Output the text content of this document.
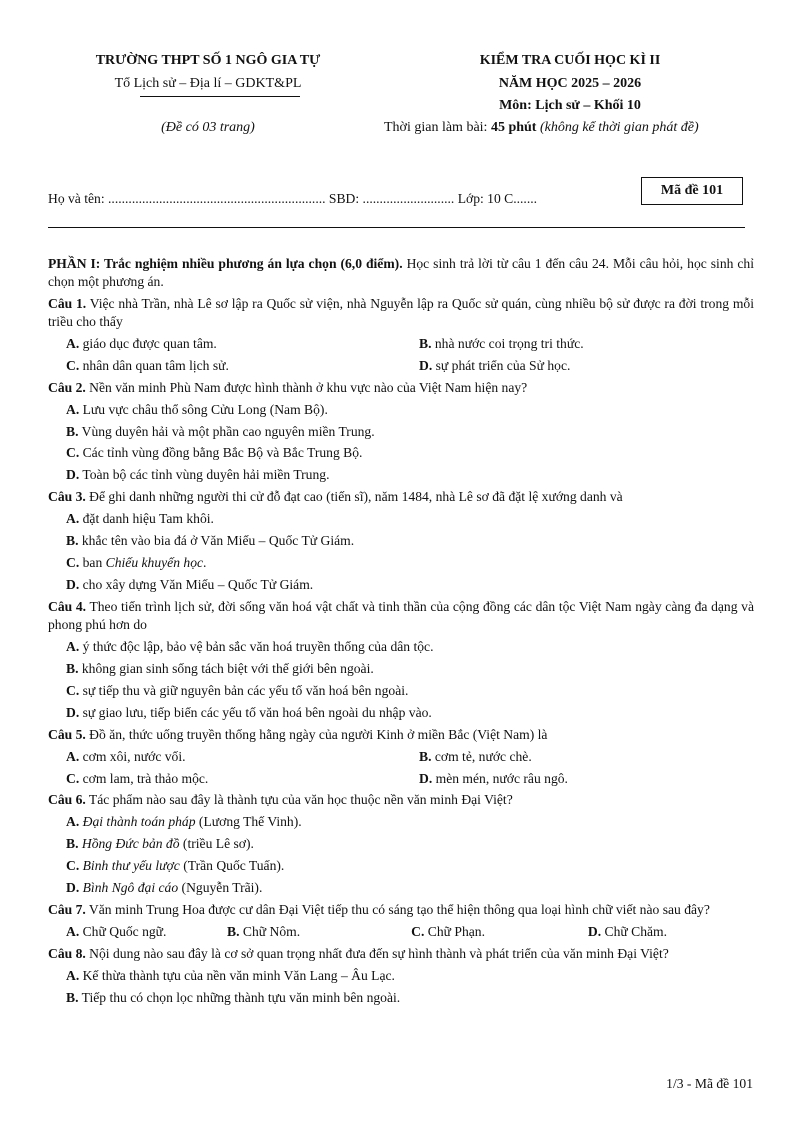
TRƯỜNG THPT SỐ 1 NGÔ GIA TỰ
Tổ Lịch sử – Địa lí – GDKT&PL
(Đề có 03 trang)
KIỂM TRA CUỐI HỌC KÌ II
NĂM HỌC 2025 – 2026
Môn: Lịch sử – Khối 10
Thời gian làm bài: 45 phút (không kể thời gian phát đề)
Họ và tên: ................................................................ SBD: ........................... Lớp: 10 C.......
Mã đề 101

PHẦN I: Trắc nghiệm nhiều phương án lựa chọn (6,0 điểm). Học sinh trả lời từ câu 1 đến câu 24. Mỗi câu hỏi, học sinh chỉ chọn một phương án.

Câu 1. Việc nhà Trần, nhà Lê sơ lập ra Quốc sử viện, nhà Nguyễn lập ra Quốc sử quán, cùng nhiều bộ sử được ra đời trong mỗi triều cho thấy

A. giáo dục được quan tâm.	B. nhà nước coi trọng tri thức.
C. nhân dân quan tâm lịch sử.	D. sự phát triển của Sử học.

Câu 2. Nền văn minh Phù Nam được hình thành ở khu vực nào của Việt Nam hiện nay?

A. Lưu vực châu thổ sông Cửu Long (Nam Bộ).
B. Vùng duyên hải và một phần cao nguyên miền Trung.
C. Các tỉnh vùng đồng bằng Bắc Bộ và Bắc Trung Bộ.
D. Toàn bộ các tỉnh vùng duyên hải miền Trung.

Câu 3. Để ghi danh những người thi cử đỗ đạt cao (tiến sĩ), năm 1484, nhà Lê sơ đã đặt lệ xướng danh và

A. đặt danh hiệu Tam khôi.
B. khắc tên vào bia đá ở Văn Miếu – Quốc Tử Giám.
C. ban Chiếu khuyến học.
D. cho xây dựng Văn Miếu – Quốc Tử Giám.

Câu 4. Theo tiến trình lịch sử, đời sống văn hoá vật chất và tinh thần của cộng đồng các dân tộc Việt Nam ngày càng đa dạng và phong phú hơn do

A. ý thức độc lập, bảo vệ bản sắc văn hoá truyền thống của dân tộc.
B. không gian sinh sống tách biệt với thế giới bên ngoài.
C. sự tiếp thu và giữ nguyên bản các yếu tố văn hoá bên ngoài.
D. sự giao lưu, tiếp biến các yếu tố văn hoá bên ngoài du nhập vào.

Câu 5. Đồ ăn, thức uống truyền thống hằng ngày của người Kinh ở miền Bắc (Việt Nam) là

A. cơm xôi, nước vối.	B. cơm tẻ, nước chè.
C. cơm lam, trà thảo mộc.	D. mèn mén, nước râu ngô.

Câu 6. Tác phẩm nào sau đây là thành tựu của văn học thuộc nền văn minh Đại Việt?

A. Đại thành toán pháp (Lương Thế Vinh).
B. Hồng Đức bản đồ (triều Lê sơ).
C. Binh thư yếu lược (Trần Quốc Tuấn).
D. Bình Ngô đại cáo (Nguyễn Trãi).

Câu 7. Văn minh Trung Hoa được cư dân Đại Việt tiếp thu có sáng tạo thể hiện thông qua loại hình chữ viết nào sau đây?

A. Chữ Quốc ngữ.	B. Chữ Nôm.	C. Chữ Phạn.	D. Chữ Chăm.

Câu 8. Nội dung nào sau đây là cơ sở quan trọng nhất đưa đến sự hình thành và phát triển của văn minh Đại Việt?

A. Kế thừa thành tựu của nền văn minh Văn Lang – Âu Lạc.
B. Tiếp thu có chọn lọc những thành tựu văn minh bên ngoài.
1/3 - Mã đề 101
